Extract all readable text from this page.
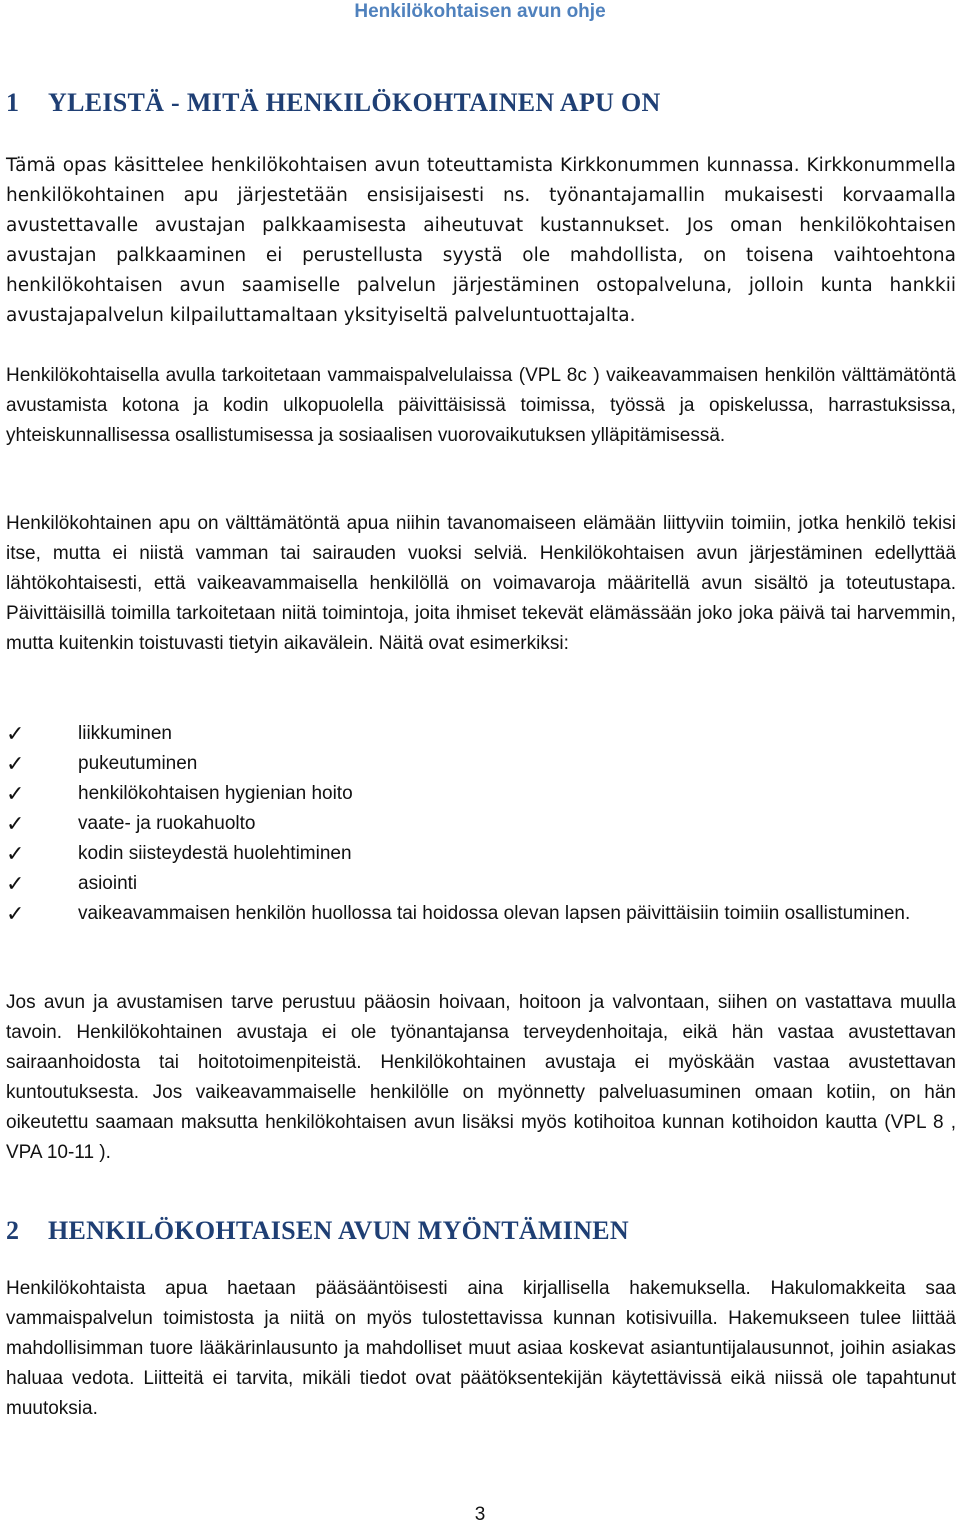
Henkilökohtaisen avun ohje
1 YLEISTÄ - MITÄ HENKILÖKOHTAINEN APU ON

Tämä opas käsittelee henkilökohtaisen avun toteuttamista Kirkkonummen kunnassa. Kirkkonummella henkilökohtainen apu järjestetään ensisijaisesti ns. työnantajamallin mukaisesti korvaamalla avustettavalle avustajan palkkaamisesta aiheutuvat kustannukset. Jos oman henkilökohtaisen avustajan palkkaaminen ei perustellusta syystä ole mahdollista, on toisena vaihtoehtona henkilökohtaisen avun saamiselle palvelun järjestäminen ostopalveluna, jolloin kunta hankkii avustajapalvelun kilpailuttamaltaan yksityiseltä palveluntuottajalta.

Henkilökohtaisella avulla tarkoitetaan vammaispalvelulaissa (VPL 8c ) vaikeavammaisen henkilön välttämätöntä avustamista kotona ja kodin ulkopuolella päivittäisissä toimissa, työssä ja opiskelussa, harrastuksissa, yhteiskunnallisessa osallistumisessa ja sosiaalisen vuorovaikutuksen ylläpitämisessä.

Henkilökohtainen apu on välttämätöntä apua niihin tavanomaiseen elämään liittyviin toimiin, jotka henkilö tekisi itse, mutta ei niistä vamman tai sairauden vuoksi selviä. Henkilökohtaisen avun järjestäminen edellyttää lähtökohtaisesti, että vaikeavammaisella henkilöllä on voimavaroja määritellä avun sisältö ja toteutustapa. Päivittäisillä toimilla tarkoitetaan niitä toimintoja, joita ihmiset tekevät elämässään joko joka päivä tai harvemmin, mutta kuitenkin toistuvasti tietyin aikavälein. Näitä ovat esimerkiksi:

✓	liikkuminen
✓	pukeutuminen
✓	henkilökohtaisen hygienian hoito
✓	vaate- ja ruokahuolto
✓	kodin siisteydestä huolehtiminen
✓	asiointi
✓	vaikeavammaisen henkilön huollossa tai hoidossa olevan lapsen päivittäisiin toimiin osallistuminen.

Jos avun ja avustamisen tarve perustuu pääosin hoivaan, hoitoon ja valvontaan, siihen on vastattava muulla tavoin. Henkilökohtainen avustaja ei ole työnantajansa terveydenhoitaja, eikä hän vastaa avustettavan sairaanhoidosta tai hoitotoimenpiteistä. Henkilökohtainen avustaja ei myöskään vastaa avustettavan kuntoutuksesta. Jos vaikeavammaiselle henkilölle on myönnetty palveluasuminen omaan kotiin, on hän oikeutettu saamaan maksutta henkilökohtaisen avun lisäksi myös kotihoitoa kunnan kotihoidon kautta (VPL 8 , VPA 10-11 ).

2 HENKILÖKOHTAISEN AVUN MYÖNTÄMINEN

Henkilökohtaista apua haetaan pääsääntöisesti aina kirjallisella hakemuksella. Hakulomakkeita saa vammaispalvelun toimistosta ja niitä on myös tulostettavissa kunnan kotisivuilla. Hakemukseen tulee liittää mahdollisimman tuore lääkärinlausunto ja mahdolliset muut asiaa koskevat asiantuntijalausunnot, joihin asiakas haluaa vedota. Liitteitä ei tarvita, mikäli tiedot ovat päätöksentekijän käytettävissä eikä niissä ole tapahtunut muutoksia.

3
